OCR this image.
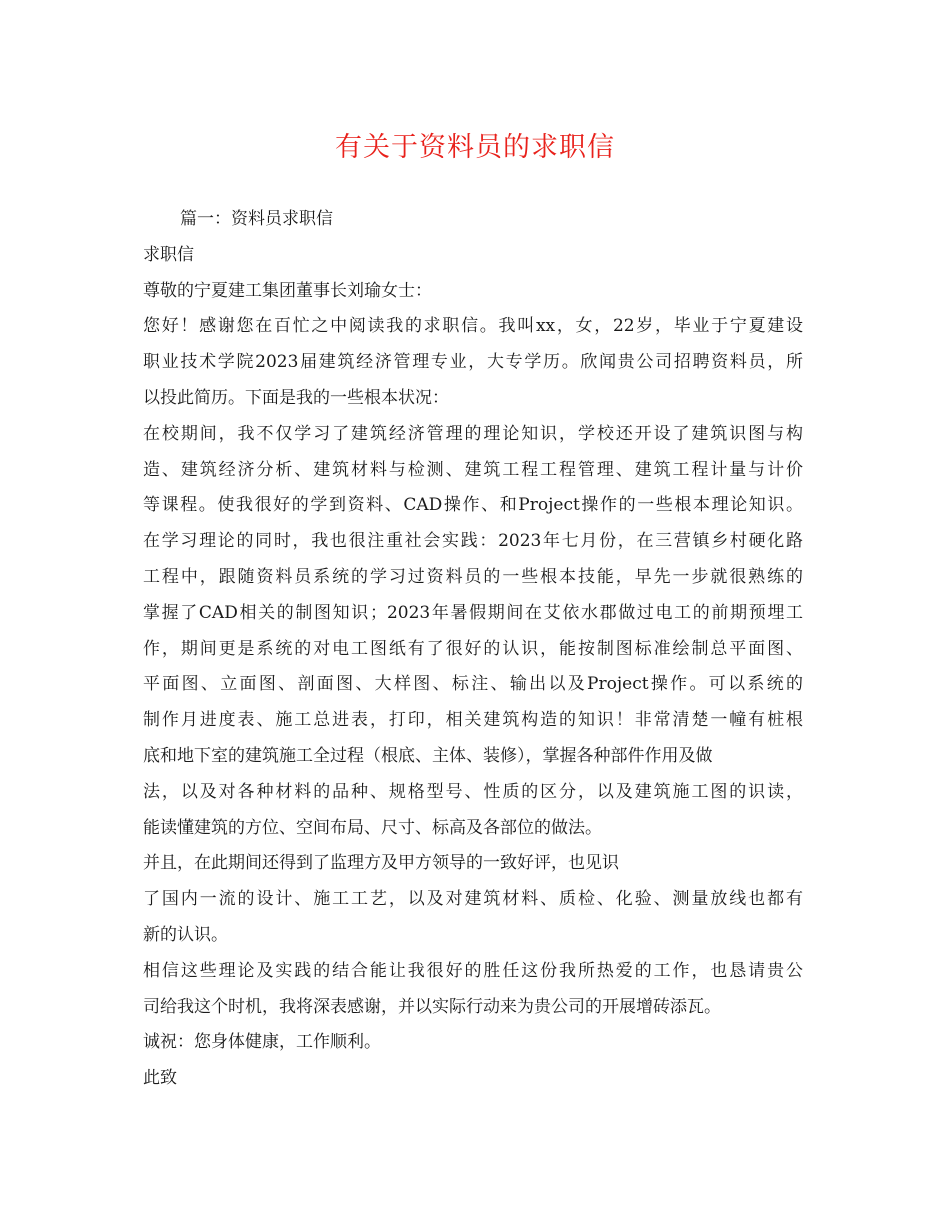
有关于资料员的求职信
篇一：资料员求职信
求职信
尊敬的宁夏建工集团董事长刘瑜女士：
您好！感谢您在百忙之中阅读我的求职信。我叫xx，女，22岁，毕业于宁夏建设
职业技术学院2023届建筑经济管理专业，大专学历。欣闻贵公司招聘资料员，所
以投此简历。下面是我的一些根本状况：
在校期间，我不仅学习了建筑经济管理的理论知识，学校还开设了建筑识图与构
造、建筑经济分析、建筑材料与检测、建筑工程工程管理、建筑工程计量与计价
等课程。使我很好的学到资料、CAD操作、和Project操作的一些根本理论知识。
在学习理论的同时，我也很注重社会实践：2023年七月份，在三营镇乡村硬化路
工程中，跟随资料员系统的学习过资料员的一些根本技能，早先一步就很熟练的
掌握了CAD相关的制图知识；2023年暑假期间在艾依水郡做过电工的前期预埋工
作，期间更是系统的对电工图纸有了很好的认识，能按制图标准绘制总平面图、
平面图、立面图、剖面图、大样图、标注、输出以及Project操作。可以系统的
制作月进度表、施工总进表，打印，相关建筑构造的知识！非常清楚一幢有桩根
底和地下室的建筑施工全过程（根底、主体、装修），掌握各种部件作用及做
法，以及对各种材料的品种、规格型号、性质的区分，以及建筑施工图的识读，
能读懂建筑的方位、空间布局、尺寸、标高及各部位的做法。
并且，在此期间还得到了监理方及甲方领导的一致好评，也见识
了国内一流的设计、施工工艺，以及对建筑材料、质检、化验、测量放线也都有
新的认识。
相信这些理论及实践的结合能让我很好的胜任这份我所热爱的工作，也恳请贵公
司给我这个时机，我将深表感谢，并以实际行动来为贵公司的开展增砖添瓦。
诚祝：您身体健康，工作顺利。
此致
